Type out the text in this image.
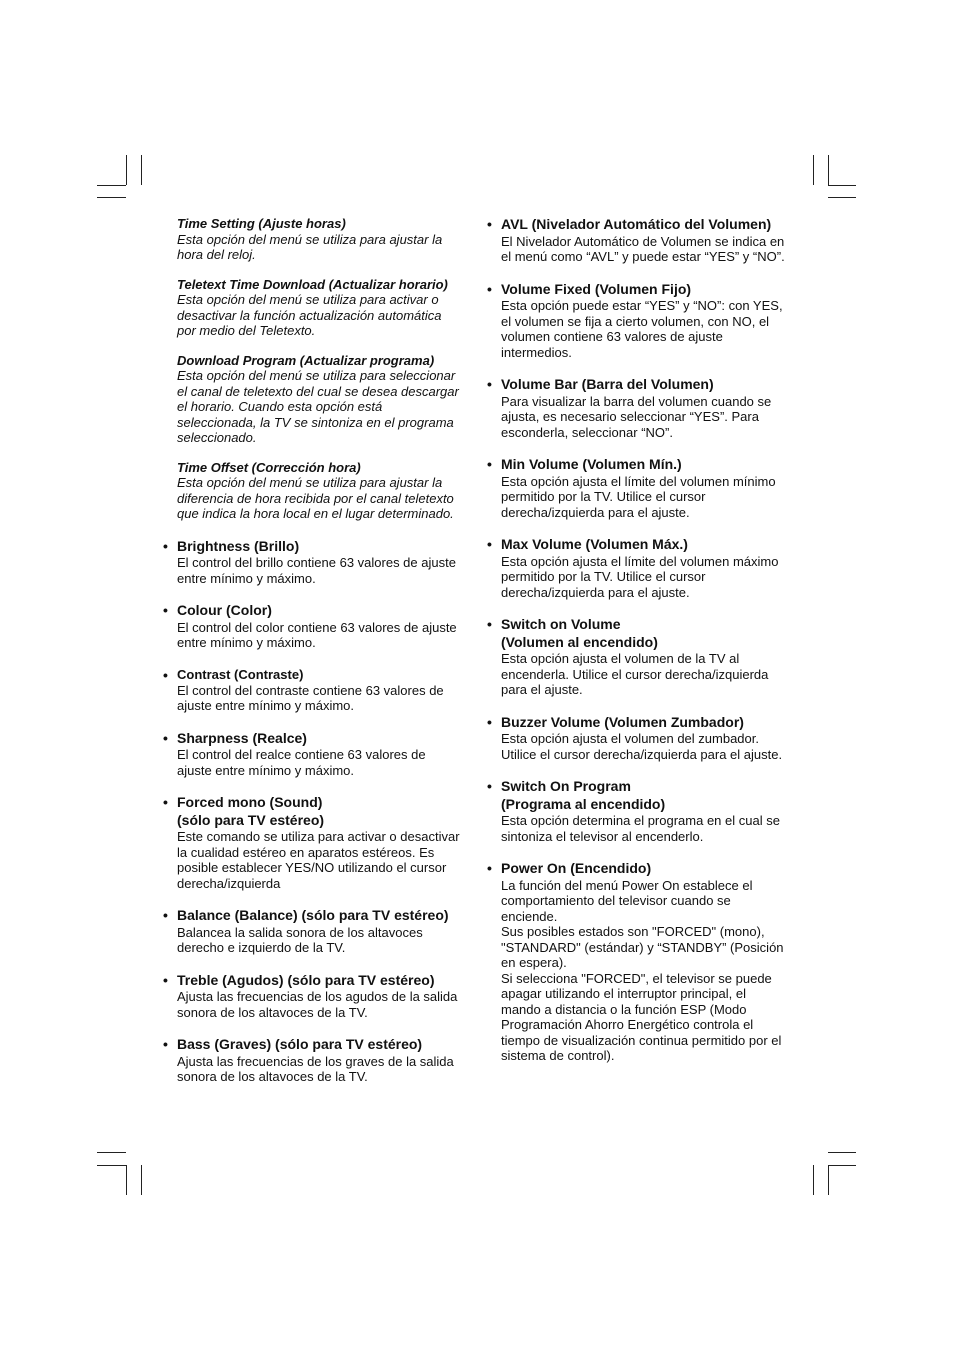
Time Setting (Ajuste horas)
Esta opción del menú se utiliza para ajustar la hora del reloj.
Teletext Time Download (Actualizar horario)
Esta opción del menú se utiliza para activar o desactivar la función actualización automática por medio del Teletexto.
Download Program (Actualizar programa)
Esta opción del menú se utiliza para seleccionar el canal de teletexto del cual se desea descargar el horario. Cuando esta opción está seleccionada, la TV se sintoniza en el programa seleccionado.
Time Offset (Corrección hora)
Esta opción del menú se utiliza para ajustar la diferencia de hora recibida por el canal teletexto que indica la hora local en el lugar determinado.
• Brightness (Brillo)
El control del brillo contiene 63 valores de ajuste entre mínimo y máximo.
• Colour (Color)
El control del color contiene 63 valores de ajuste entre mínimo y máximo.
• Contrast (Contraste)
El control del contraste contiene 63 valores de ajuste entre mínimo y máximo.
• Sharpness (Realce)
El control del realce contiene 63 valores de ajuste entre mínimo y máximo.
• Forced mono (Sound)
(sólo para TV estéreo)
Este comando se utiliza para activar o desactivar la cualidad estéreo en aparatos estéreos. Es posible establecer YES/NO utilizando el cursor derecha/izquierda
• Balance (Balance) (sólo para TV estéreo)
Balancea la salida sonora de los altavoces derecho e izquierdo de la TV.
• Treble (Agudos) (sólo para TV estéreo)
Ajusta las frecuencias de los agudos de la salida sonora de los altavoces de la TV.
• Bass (Graves) (sólo para TV estéreo)
Ajusta las frecuencias de los graves de la salida sonora de los altavoces de la TV.
• AVL (Nivelador Automático del Volumen)
El Nivelador Automático de Volumen se indica en el menú como “AVL” y puede estar “YES” y “NO”.
• Volume Fixed (Volumen Fijo)
Esta opción puede estar “YES” y “NO”: con YES, el volumen se fija a cierto volumen, con NO, el volumen contiene 63 valores de ajuste intermedios.
• Volume Bar (Barra del Volumen)
Para visualizar la barra del volumen cuando se ajusta, es necesario seleccionar “YES”. Para esconderla, seleccionar “NO”.
• Min Volume (Volumen Mín.)
Esta opción ajusta el límite del volumen mínimo permitido por la TV. Utilice el cursor derecha/izquierda para el ajuste.
• Max Volume (Volumen Máx.)
Esta opción ajusta el límite del volumen máximo permitido por la TV. Utilice el cursor derecha/izquierda para el ajuste.
• Switch on Volume
(Volumen al encendido)
Esta opción ajusta el volumen de la TV al encenderla. Utilice el cursor derecha/izquierda para el ajuste.
• Buzzer Volume (Volumen Zumbador)
Esta opción ajusta el volumen del zumbador. Utilice el cursor derecha/izquierda para el ajuste.
• Switch On Program
(Programa al encendido)
Esta opción determina el programa en el cual se sintoniza el televisor al encenderlo.
• Power On (Encendido)
La función del menú Power On establece el comportamiento del televisor cuando se enciende.
Sus posibles estados son "FORCED" (mono), "STANDARD" (estándar) y “STANDBY” (Posición en espera).
Si selecciona "FORCED", el televisor se puede apagar utilizando el interruptor principal, el mando a distancia o la función ESP (Modo Programación Ahorro Energético controla el tiempo de visualización continua permitido por el sistema de control).
